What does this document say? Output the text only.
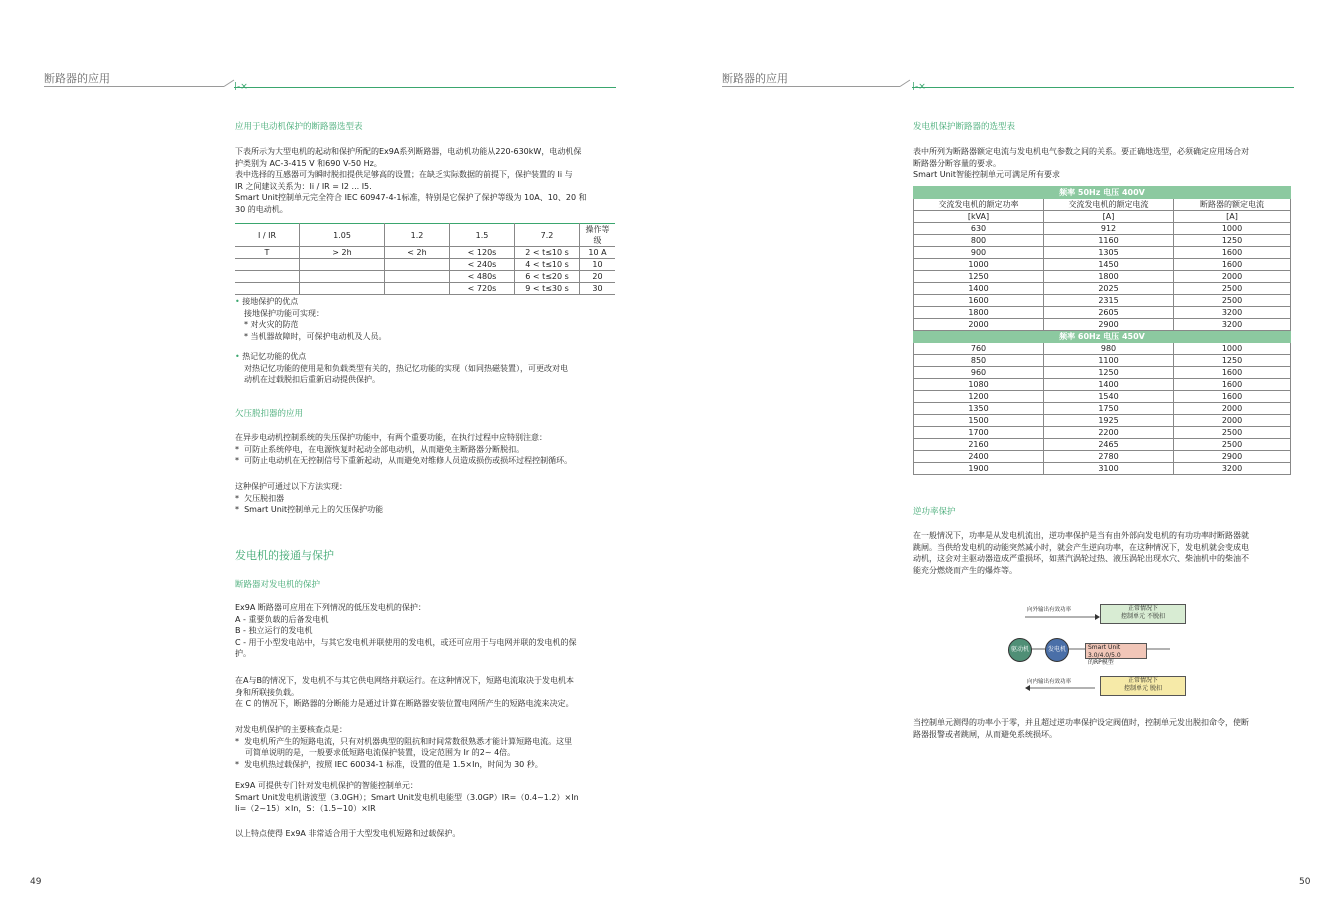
断路器的应用
|-×
应用于电动机保护的断路器选型表

下表所示为大型电机的起动和保护所配的Ex9A系列断路器，电动机功能从220-630kW，电动机保

护类别为 AC-3-415 V 和690 V-50 Hz。

表中选择的互感器可为瞬时脱扣提供足够高的设置；在缺乏实际数据的前提下，保护装置的 Ii 与

IR 之间建议关系为：Ii / IR = I2 ... I5.

Smart Unit控制单元完全符合 IEC 60947-4-1标准，特别是它保护了保护等级为 10A、10、20 和

30 的电动机。

I / IR	1.05	1.2	1.5	7.2	操作等级
T	> 2h	< 2h	< 120s	2 < t≤10 s	10 A
			< 240s	4 < t≤10 s	10
			< 480s	6 < t≤20 s	20
			< 720s	9 < t≤30 s	30

• 接地保护的优点

接地保护功能可实现：

* 对火灾的防范

* 当机器故障时，可保护电动机及人员。

• 热记忆功能的优点

对热记忆功能的使用是和负载类型有关的，热记忆功能的实现（如同热磁装置），可更改对电

动机在过载脱扣后重新启动提供保护。

欠压脱扣器的应用

在异步电动机控制系统的失压保护功能中，有两个重要功能，在执行过程中应特别注意：

*  可防止系统停电，在电源恢复时起动全部电动机，从而避免主断路器分断脱扣。

*  可防止电动机在无控制信号下重新起动，从而避免对维修人员造成损伤或损坏过程控制循环。

这种保护可通过以下方法实现：

*  欠压脱扣器

*  Smart Unit控制单元上的欠压保护功能

发电机的接通与保护
断路器对发电机的保护

Ex9A 断路器可应用在下列情况的低压发电机的保护：

A - 重要负载的后备发电机

B - 独立运行的发电机

C - 用于小型发电站中，与其它发电机并联使用的发电机，或还可应用于与电网并联的发电机的保

护。

在A与B的情况下，发电机不与其它供电网络并联运行。在这种情况下，短路电流取决于发电机本

身和所联接负载。

在 C 的情况下，断路器的分断能力是通过计算在断路器安装位置电网所产生的短路电流来决定。

对发电机保护的主要核查点是：

*  发电机所产生的短路电流，只有对机器典型的阻抗和时间常数很熟悉才能计算短路电流。这里

可简单说明的是，一般要求低短路电流保护装置，设定范围为 Ir 的2~ 4倍。

*  发电机热过载保护，按照 IEC 60034-1 标准，设置的值是 1.5×In，时间为 30 秒。

Ex9A 可提供专门针对发电机保护的智能控制单元：

Smart Unit发电机谐波型（3.0GH）；Smart Unit发电机电能型（3.0GP）IR=（0.4~1.2）×In

Ii=（2~15）×In，S：（1.5~10）×IR

以上特点使得 Ex9A 非常适合用于大型发电机短路和过载保护。
49
断路器的应用
|-×
发电机保护断路器的选型表

表中所列为断路器额定电流与发电机电气参数之间的关系。要正确地选型，必须确定应用场合对

断路器分断容量的要求。

Smart Unit智能控制单元可满足所有要求

频率 50Hz 电压 400V		
交流发电机的额定功率	交流发电机的额定电流	断路器的额定电流
[kVA]	[A]	[A]
630	912	1000
800	1160	1250
900	1305	1600
1000	1450	1600
1250	1800	2000
1400	2025	2500
1600	2315	2500
1800	2605	3200
2000	2900	3200
频率 60Hz 电压 450V		
760	980	1000
850	1100	1250
960	1250	1600
1080	1400	1600
1200	1540	1600
1350	1750	2000
1500	1925	2000
1700	2200	2500
2160	2465	2500
2400	2780	2900
1900	3100	3200
逆功率保护

在一般情况下，功率是从发电机流出，逆功率保护是当有由外部向发电机的有功功率时断路器就

跳闸。当供给发电机的动能突然减小时，就会产生逆向功率，在这种情况下，发电机就会变成电

动机，这会对主驱动器造成严重损坏，如蒸汽涡轮过热、液压涡轮出现水穴、柴油机中的柴油不

能充分燃烧而产生的爆炸等。

向外输出有效功率	正常情况下
控制单元 不脱扣
驱动机	发电机	Smart Unit 3.0/4.0/5.0
的RP模型
向内输出有效功率	正常情况下
控制单元 脱扣

当控制单元测得的功率小于零，并且超过逆功率保护设定阀值时，控制单元发出脱扣命令，使断

路器报警或者跳闸，从而避免系统损坏。

50
